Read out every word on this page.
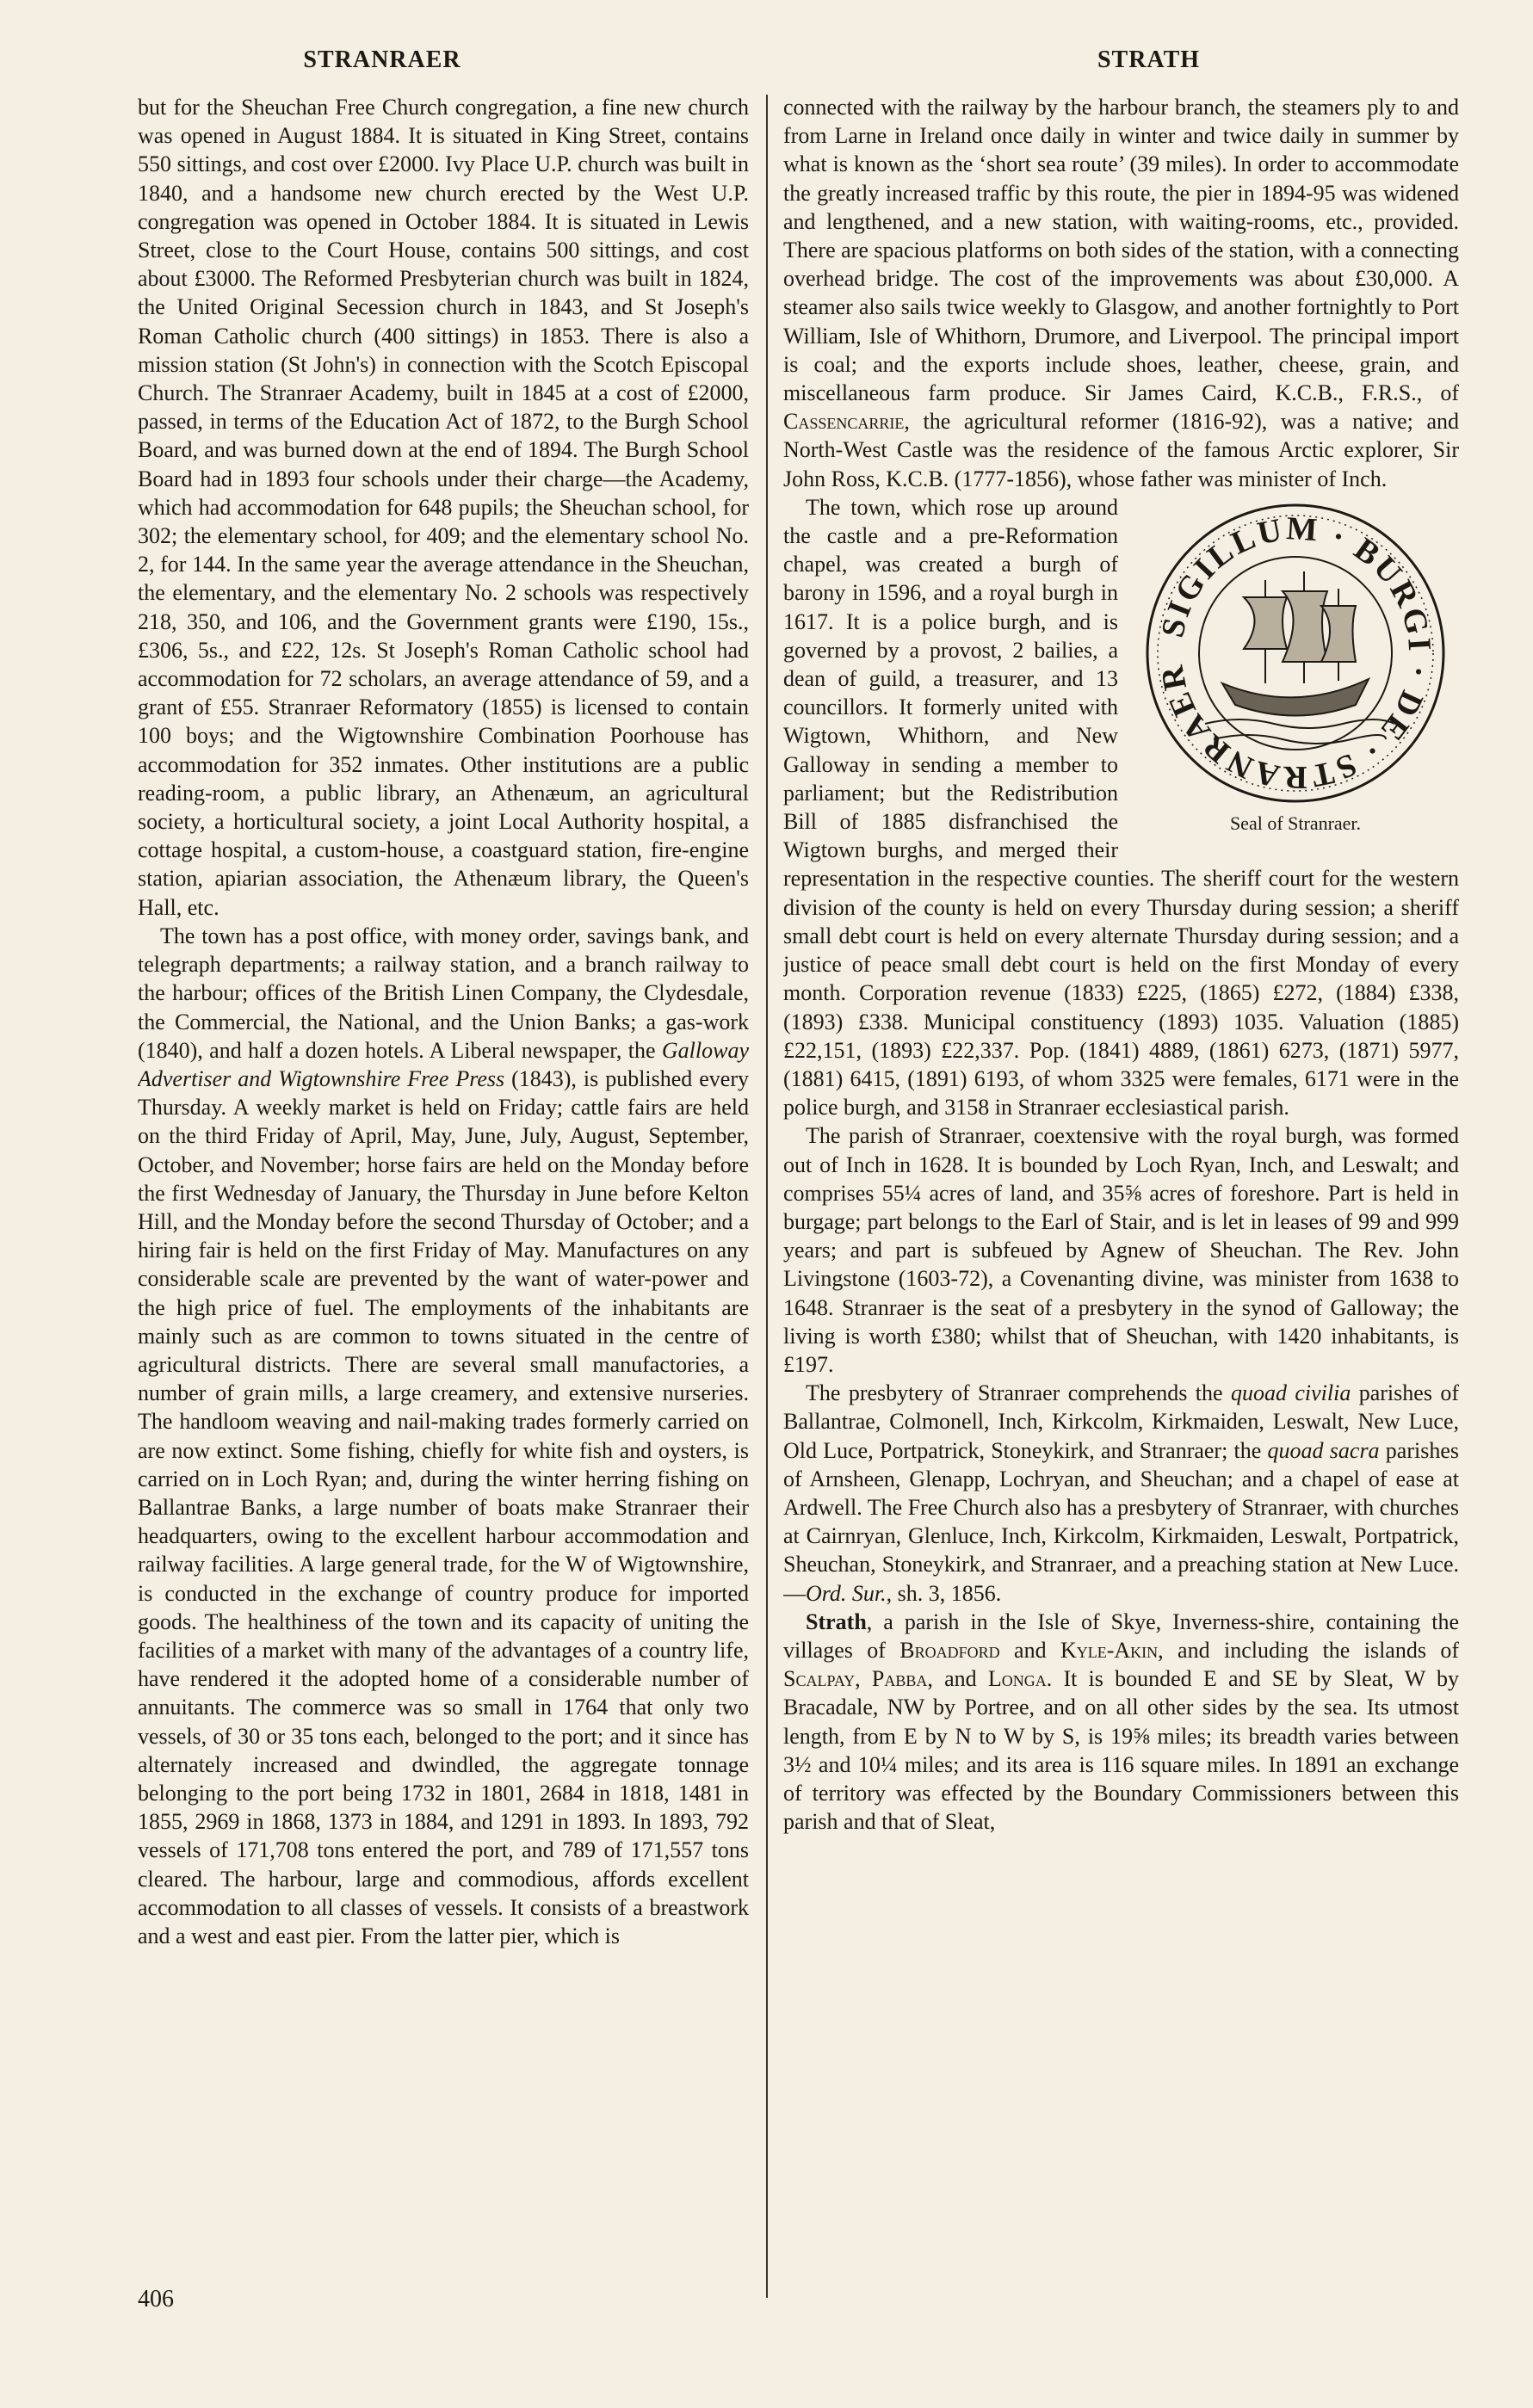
STRANRAER	STRATH

but for the Sheuchan Free Church congregation, a fine new church was opened in August 1884. It is situated in King Street, contains 550 sittings, and cost over £2000. Ivy Place U.P. church was built in 1840, and a handsome new church erected by the West U.P. congregation was opened in October 1884. It is situated in Lewis Street, close to the Court House, contains 500 sittings, and cost about £3000. The Reformed Presbyterian church was built in 1824, the United Original Secession church in 1843, and St Joseph's Roman Catholic church (400 sittings) in 1853. There is also a mission station (St John's) in connection with the Scotch Episcopal Church. The Stranraer Academy, built in 1845 at a cost of £2000, passed, in terms of the Education Act of 1872, to the Burgh School Board, and was burned down at the end of 1894. The Burgh School Board had in 1893 four schools under their charge—the Academy, which had accommodation for 648 pupils; the Sheuchan school, for 302; the elementary school, for 409; and the elementary school No. 2, for 144. In the same year the average attendance in the Sheuchan, the elementary, and the elementary No. 2 schools was respectively 218, 350, and 106, and the Government grants were £190, 15s., £306, 5s., and £22, 12s. St Joseph's Roman Catholic school had accommodation for 72 scholars, an average attendance of 59, and a grant of £55. Stranraer Reformatory (1855) is licensed to contain 100 boys; and the Wigtownshire Combination Poorhouse has accommodation for 352 inmates. Other institutions are a public reading-room, a public library, an Athenæum, an agricultural society, a horticultural society, a joint Local Authority hospital, a cottage hospital, a custom-house, a coastguard station, fire-engine station, apiarian association, the Athenæum library, the Queen's Hall, etc.

The town has a post office, with money order, savings bank, and telegraph departments; a railway station, and a branch railway to the harbour; offices of the British Linen Company, the Clydesdale, the Commercial, the National, and the Union Banks; a gas-work (1840), and half a dozen hotels. A Liberal newspaper, the Galloway Advertiser and Wigtownshire Free Press (1843), is published every Thursday. A weekly market is held on Friday; cattle fairs are held on the third Friday of April, May, June, July, August, September, October, and November; horse fairs are held on the Monday before the first Wednesday of January, the Thursday in June before Kelton Hill, and the Monday before the second Thursday of October; and a hiring fair is held on the first Friday of May. Manufactures on any considerable scale are prevented by the want of water-power and the high price of fuel. The employments of the inhabitants are mainly such as are common to towns situated in the centre of agricultural districts. There are several small manufactories, a number of grain mills, a large creamery, and extensive nurseries. The handloom weaving and nail-making trades formerly carried on are now extinct. Some fishing, chiefly for white fish and oysters, is carried on in Loch Ryan; and, during the winter herring fishing on Ballantrae Banks, a large number of boats make Stranraer their headquarters, owing to the excellent harbour accommodation and railway facilities. A large general trade, for the W of Wigtownshire, is conducted in the exchange of country produce for imported goods. The healthiness of the town and its capacity of uniting the facilities of a market with many of the advantages of a country life, have rendered it the adopted home of a considerable number of annuitants. The commerce was so small in 1764 that only two vessels, of 30 or 35 tons each, belonged to the port; and it since has alternately increased and dwindled, the aggregate tonnage belonging to the port being 1732 in 1801, 2684 in 1818, 1481 in 1855, 2969 in 1868, 1373 in 1884, and 1291 in 1893. In 1893, 792 vessels of 171,708 tons entered the port, and 789 of 171,557 tons cleared. The harbour, large and commodious, affords excellent accommodation to all classes of vessels. It consists of a breastwork and a west and east pier. From the latter pier, which is

connected with the railway by the harbour branch, the steamers ply to and from Larne in Ireland once daily in winter and twice daily in summer by what is known as the ‘short sea route’ (39 miles). In order to accommodate the greatly increased traffic by this route, the pier in 1894-95 was widened and lengthened, and a new station, with waiting-rooms, etc., provided. There are spacious platforms on both sides of the station, with a connecting overhead bridge. The cost of the improvements was about £30,000. A steamer also sails twice weekly to Glasgow, and another fortnightly to Port William, Isle of Whithorn, Drumore, and Liverpool. The principal import is coal; and the exports include shoes, leather, cheese, grain, and miscellaneous farm produce. Sir James Caird, K.C.B., F.R.S., of Cassencarrie, the agricultural reformer (1816-92), was a native; and North-West Castle was the residence of the famous Arctic explorer, Sir John Ross, K.C.B. (1777-1856), whose father was minister of Inch.

SIGILLUM · BURGI · DE · STRANRAER
Seal of Stranraer.
The town, which rose up around the castle and a pre-Reformation chapel, was created a burgh of barony in 1596, and a royal burgh in 1617. It is a police burgh, and is governed by a provost, 2 bailies, a dean of guild, a treasurer, and 13 councillors. It formerly united with Wigtown, Whithorn, and New Galloway in sending a member to parliament; but the Redistribution Bill of 1885 disfranchised the Wigtown burghs, and merged their representation in the respective counties. The sheriff court for the western division of the county is held on every Thursday during session; a sheriff small debt court is held on every alternate Thursday during session; and a justice of peace small debt court is held on the first Monday of every month. Corporation revenue (1833) £225, (1865) £272, (1884) £338, (1893) £338. Municipal constituency (1893) 1035. Valuation (1885) £22,151, (1893) £22,337. Pop. (1841) 4889, (1861) 6273, (1871) 5977, (1881) 6415, (1891) 6193, of whom 3325 were females, 6171 were in the police burgh, and 3158 in Stranraer ecclesiastical parish.

The parish of Stranraer, coextensive with the royal burgh, was formed out of Inch in 1628. It is bounded by Loch Ryan, Inch, and Leswalt; and comprises 55¼ acres of land, and 35⅝ acres of foreshore. Part is held in burgage; part belongs to the Earl of Stair, and is let in leases of 99 and 999 years; and part is subfeued by Agnew of Sheuchan. The Rev. John Livingstone (1603-72), a Covenanting divine, was minister from 1638 to 1648. Stranraer is the seat of a presbytery in the synod of Galloway; the living is worth £380; whilst that of Sheuchan, with 1420 inhabitants, is £197.

The presbytery of Stranraer comprehends the quoad civilia parishes of Ballantrae, Colmonell, Inch, Kirkcolm, Kirkmaiden, Leswalt, New Luce, Old Luce, Portpatrick, Stoneykirk, and Stranraer; the quoad sacra parishes of Arnsheen, Glenapp, Lochryan, and Sheuchan; and a chapel of ease at Ardwell. The Free Church also has a presbytery of Stranraer, with churches at Cairnryan, Glenluce, Inch, Kirkcolm, Kirkmaiden, Leswalt, Portpatrick, Sheuchan, Stoneykirk, and Stranraer, and a preaching station at New Luce.—Ord. Sur., sh. 3, 1856.

Strath, a parish in the Isle of Skye, Inverness-shire, containing the villages of Broadford and Kyle-Akin, and including the islands of Scalpay, Pabba, and Longa. It is bounded E and SE by Sleat, W by Bracadale, NW by Portree, and on all other sides by the sea. Its utmost length, from E by N to W by S, is 19⅝ miles; its breadth varies between 3½ and 10¼ miles; and its area is 116 square miles. In 1891 an exchange of territory was effected by the Boundary Commissioners between this parish and that of Sleat,

406
